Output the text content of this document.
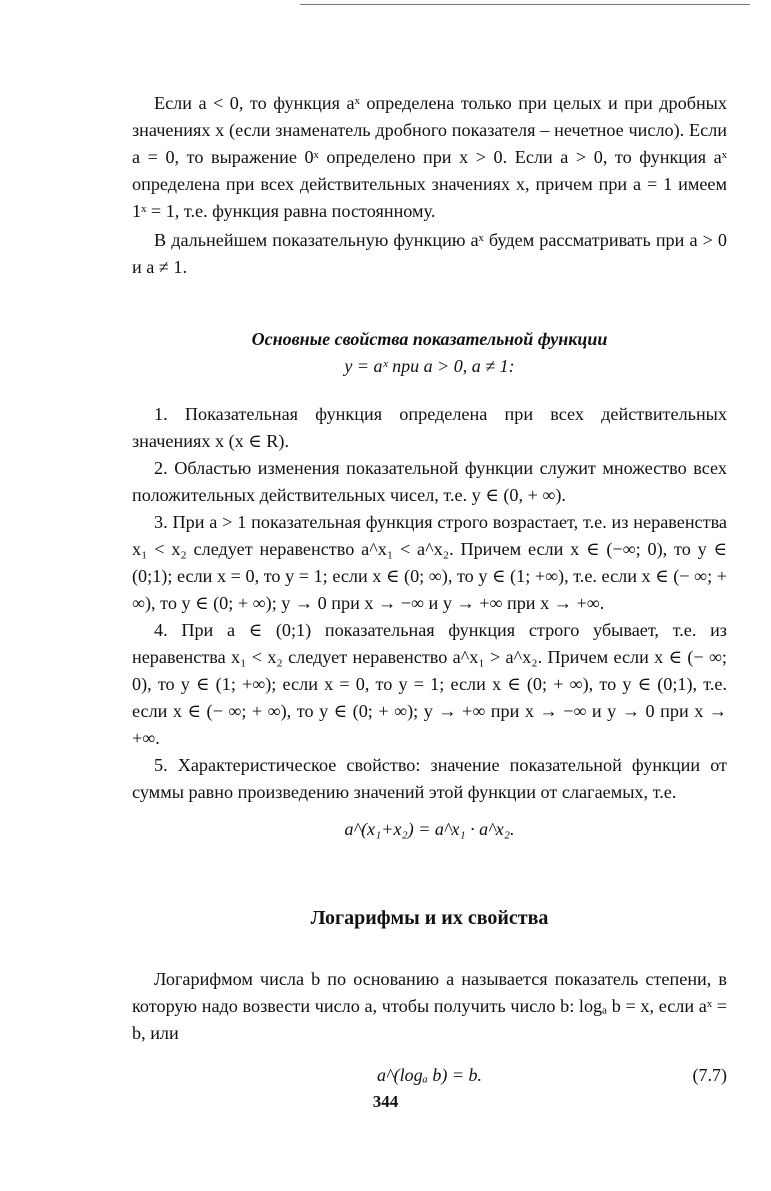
Если a < 0, то функция aˣ определена только при целых и при дробных значениях x (если знаменатель дробного показателя – нечетное число). Если a = 0, то выражение 0ˣ определено при x > 0. Если a > 0, то функция aˣ определена при всех действительных значениях x, причем при a = 1 имеем 1ˣ = 1, т.е. функция равна постоянному.

В дальнейшем показательную функцию aˣ будем рассматривать при a > 0 и a ≠ 1.

Основные свойства показательной функции
y = aˣ при a > 0, a ≠ 1:

1. Показательная функция определена при всех действительных значениях x (x ∈ R).

2. Областью изменения показательной функции служит множество всех положительных действительных чисел, т.е. y ∈ (0, + ∞).

3. При a > 1 показательная функция строго возрастает, т.е. из неравенства x₁ < x₂ следует неравенство a^x₁ < a^x₂. Причем если x ∈ (−∞; 0), то y ∈ (0;1); если x = 0, то y = 1; если x ∈ (0; ∞), то y ∈ (1; +∞), т.е. если x ∈ (− ∞; + ∞), то y ∈ (0; + ∞); y → 0 при x → −∞ и y → +∞ при x → +∞.

4. При a ∈ (0;1) показательная функция строго убывает, т.е. из неравенства x₁ < x₂ следует неравенство a^x₁ > a^x₂. Причем если x ∈ (− ∞; 0), то y ∈ (1; +∞); если x = 0, то y = 1; если x ∈ (0; + ∞), то y ∈ (0;1), т.е. если x ∈ (− ∞; + ∞), то y ∈ (0; + ∞); y → +∞ при x → −∞ и y → 0 при x → +∞.

5. Характеристическое свойство: значение показательной функции от суммы равно произведению значений этой функции от слагаемых, т.е.

a^(x₁+x₂) = a^x₁ · a^x₂.
Логарифмы и их свойства

Логарифмом числа b по основанию a называется показатель степени, в которую надо возвести число a, чтобы получить число b: logₐ b = x, если aˣ = b, или

a^(logₐ b) = b.	(7.7)
344
